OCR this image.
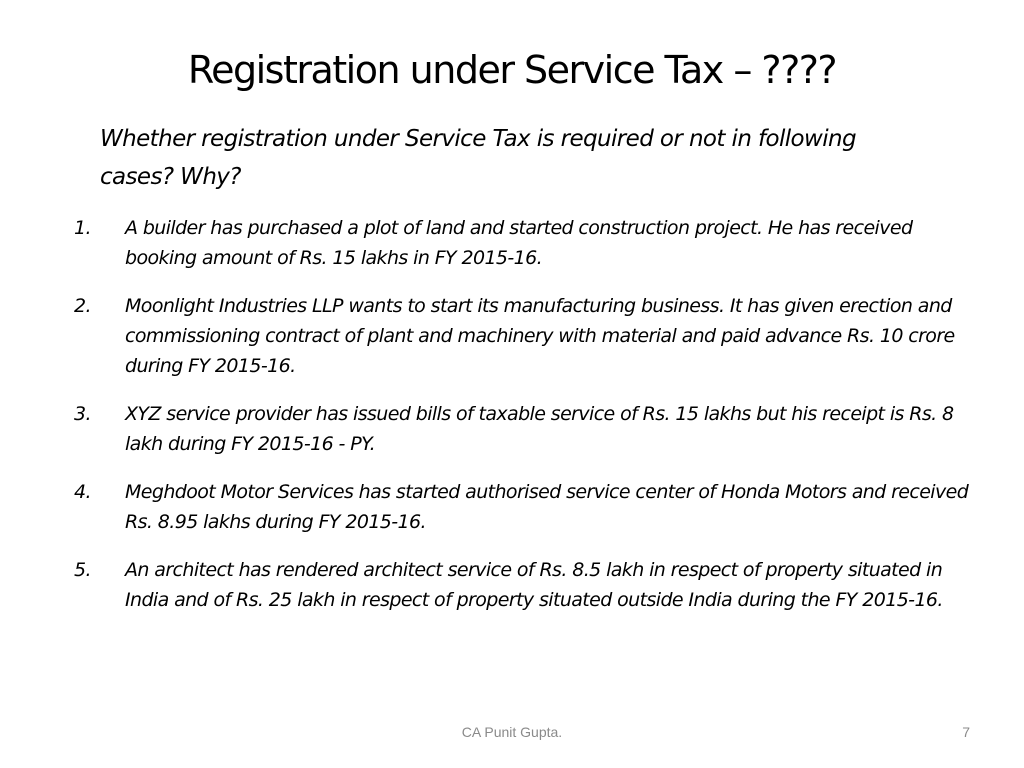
Registration under Service Tax – ????

Whether registration under Service Tax is required or not in following cases? Why?

1. A builder has purchased a plot of land and started construction project. He has received booking amount of Rs. 15 lakhs in FY 2015-16.
2. Moonlight Industries LLP wants to start its manufacturing business. It has given erection and commissioning contract of plant and machinery with material and paid advance Rs. 10 crore during FY 2015-16.
3. XYZ service provider has issued bills of taxable service of Rs. 15 lakhs but his receipt is Rs. 8 lakh during FY 2015-16 - PY.
4. Meghdoot Motor Services has started authorised service center of Honda Motors and received Rs. 8.95 lakhs during FY 2015-16.
5. An architect has rendered architect service of Rs. 8.5 lakh in respect of property situated in India and of Rs. 25 lakh in respect of property situated outside India during the FY 2015-16.
CA Punit Gupta.	7
